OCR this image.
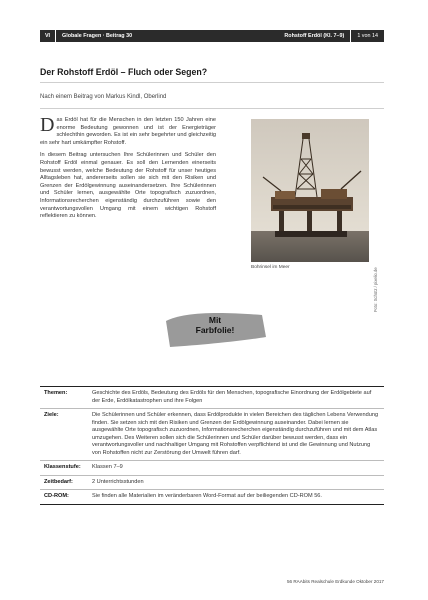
VI	Globale Fragen · Beitrag 30	Rohstoff Erdöl (Kl. 7–9)	1 von 14
Der Rohstoff Erdöl – Fluch oder Segen?
Nach einem Beitrag von Markus Kindl, Oberlind

Das Erdöl hat für die Menschen in den letzten 150 Jahren eine enorme Bedeutung gewonnen und ist der Energieträger schlechthin geworden. Es ist ein sehr begehrter und gleichzeitig ein sehr hart umkämpfter Rohstoff.

In diesem Beitrag untersuchen Ihre Schülerinnen und Schüler den Rohstoff Erdöl einmal genauer. Es soll den Lernenden einerseits bewusst werden, welche Bedeutung der Rohstoff für unser heutiges Alltagsleben hat, andererseits sollen sie sich mit den Risiken und Grenzen der Erdölgewinnung auseinandersetzen. Ihre Schülerinnen und Schüler lernen, ausgewählte Orte topografisch zuzuordnen, Informationsrecherchen eigenständig durchzuführen sowie den verantwortungsvollen Umgang mit einem wichtigen Rohstoff reflektieren zu können.

Bohrinsel im Meer	Foto: Schütz / pixelio.de
Mit
Farbfolie!
Themen:	Geschichte des Erdöls, Bedeutung des Erdöls für den Menschen, topografische Einordnung der Erdölgebiete auf der Erde, Erdölkatastrophen und ihre Folgen
Ziele:	Die Schülerinnen und Schüler erkennen, dass Erdölprodukte in vielen Bereichen des täglichen Lebens Verwendung finden. Sie setzen sich mit den Risiken und Grenzen der Erdölgewinnung auseinander. Dabei lernen sie ausgewählte Orte topografisch zuzuordnen, Informationsrecherchen eigenständig durchzuführen und mit dem Atlas umzugehen. Des Weiteren sollen sich die Schülerinnen und Schüler darüber bewusst werden, dass ein verantwortungsvoller und nachhaltiger Umgang mit Rohstoffen verpflichtend ist und die Gewinnung und Nutzung von Rohstoffen nicht zur Zerstörung der Umwelt führen darf.
Klassenstufe:	Klassen 7–9
Zeitbedarf:	2 Unterrichtsstunden
CD-ROM:	Sie finden alle Materialien im veränderbaren Word-Format auf der beiliegenden CD-ROM 56.
56 RAAbits Realschule Erdkunde Oktober 2017
